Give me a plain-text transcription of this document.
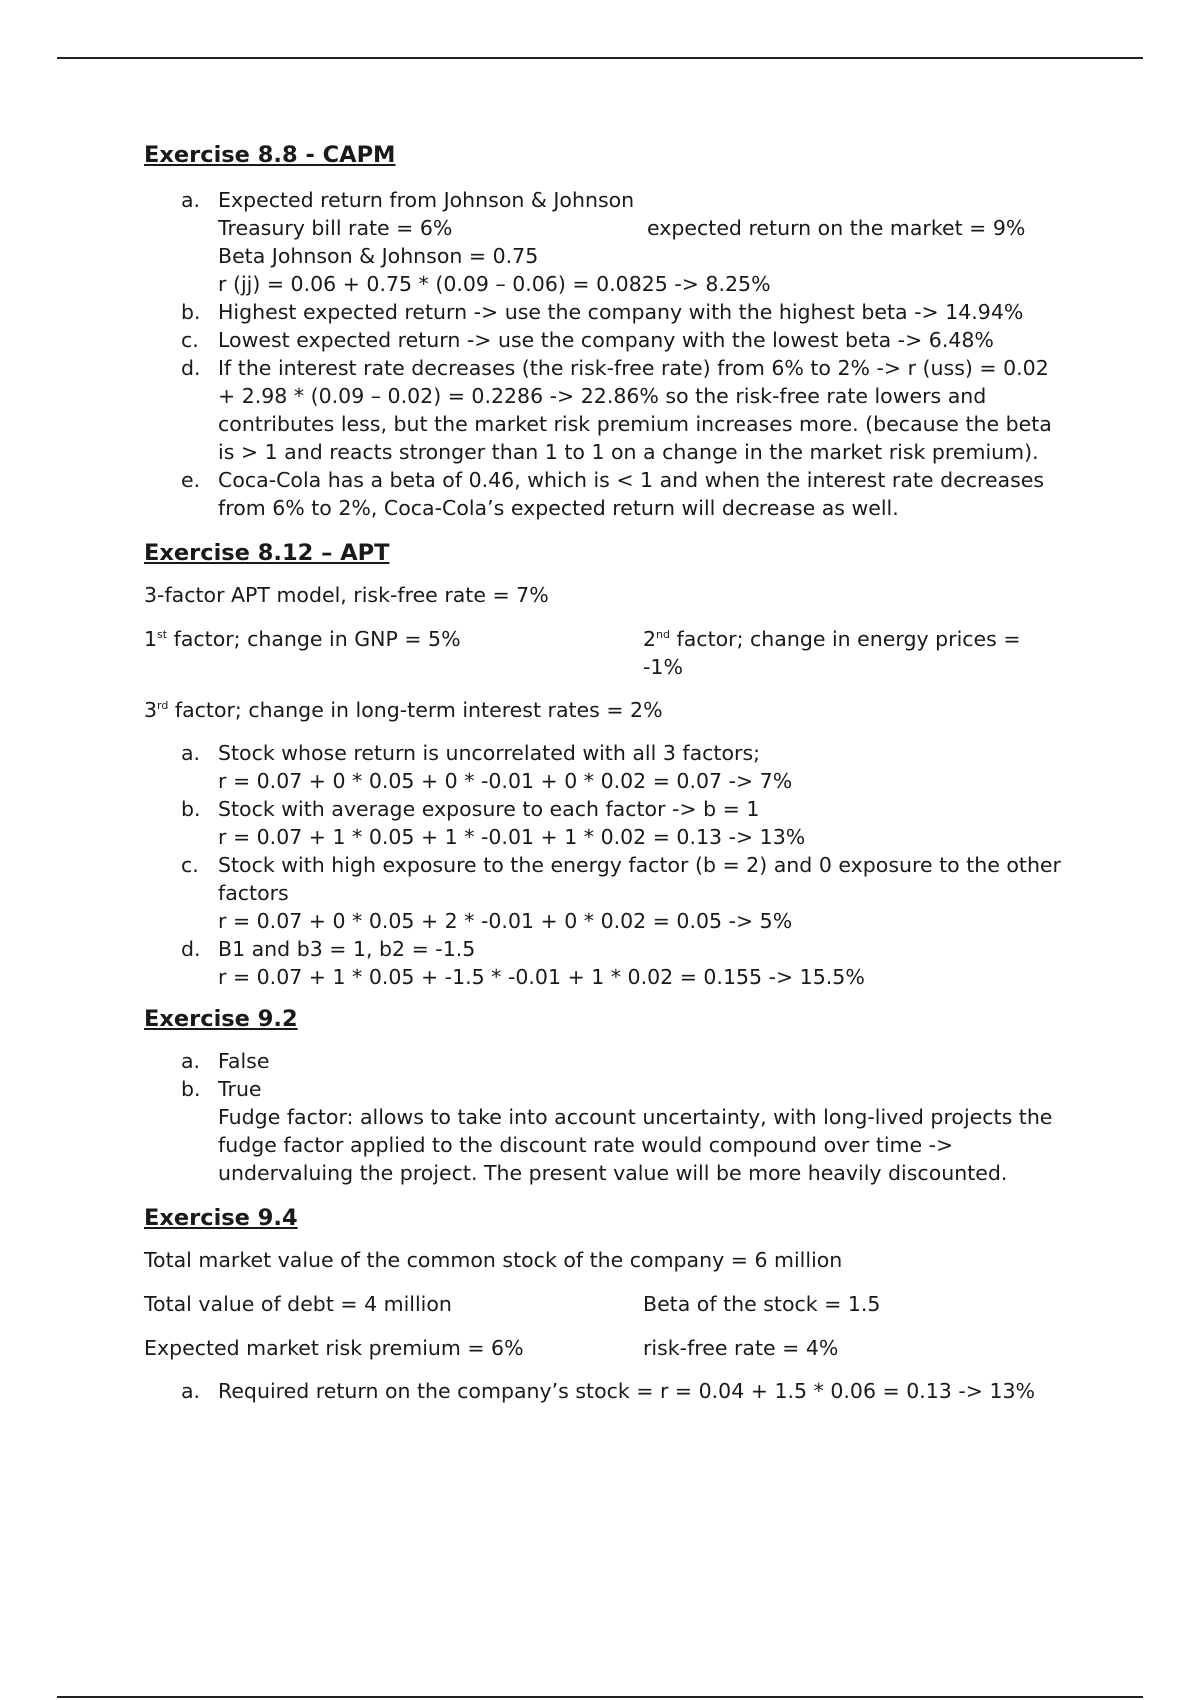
Exercise 8.8 - CAPM
a. Expected return from Johnson & Johnson
Treasury bill rate = 6%	expected return on the market = 9%
Beta Johnson & Johnson = 0.75
r (jj) = 0.06 + 0.75 * (0.09 – 0.06) = 0.0825 -> 8.25%
b. Highest expected return -> use the company with the highest beta -> 14.94%
c. Lowest expected return -> use the company with the lowest beta -> 6.48%
d. If the interest rate decreases (the risk-free rate) from 6% to 2% -> r (uss) = 0.02 + 2.98 * (0.09 – 0.02) = 0.2286 -> 22.86% so the risk-free rate lowers and contributes less, but the market risk premium increases more. (because the beta is > 1 and reacts stronger than 1 to 1 on a change in the market risk premium).
e. Coca-Cola has a beta of 0.46, which is < 1 and when the interest rate decreases from 6% to 2%, Coca-Cola’s expected return will decrease as well.
Exercise 8.12 – APT

3-factor APT model, risk-free rate = 7%

1st factor; change in GNP = 5%	2nd factor; change in energy prices = -1%

3rd factor; change in long-term interest rates = 2%

a. Stock whose return is uncorrelated with all 3 factors;
r = 0.07 + 0 * 0.05 + 0 * -0.01 + 0 * 0.02 = 0.07 -> 7%
b. Stock with average exposure to each factor -> b = 1
r = 0.07 + 1 * 0.05 + 1 * -0.01 + 1 * 0.02 = 0.13 -> 13%
c. Stock with high exposure to the energy factor (b = 2) and 0 exposure to the other factors
r = 0.07 + 0 * 0.05 + 2 * -0.01 + 0 * 0.02 = 0.05 -> 5%
d. B1 and b3 = 1, b2 = -1.5
r = 0.07 + 1 * 0.05 + -1.5 * -0.01 + 1 * 0.02 = 0.155 -> 15.5%
Exercise 9.2
a. False
b. True
Fudge factor: allows to take into account uncertainty, with long-lived projects the fudge factor applied to the discount rate would compound over time -> undervaluing the project. The present value will be more heavily discounted.
Exercise 9.4

Total market value of the common stock of the company = 6 million

Total value of debt = 4 million	Beta of the stock = 1.5
Expected market risk premium = 6%	risk-free rate = 4%
a. Required return on the company’s stock = r = 0.04 + 1.5 * 0.06 = 0.13 -> 13%
